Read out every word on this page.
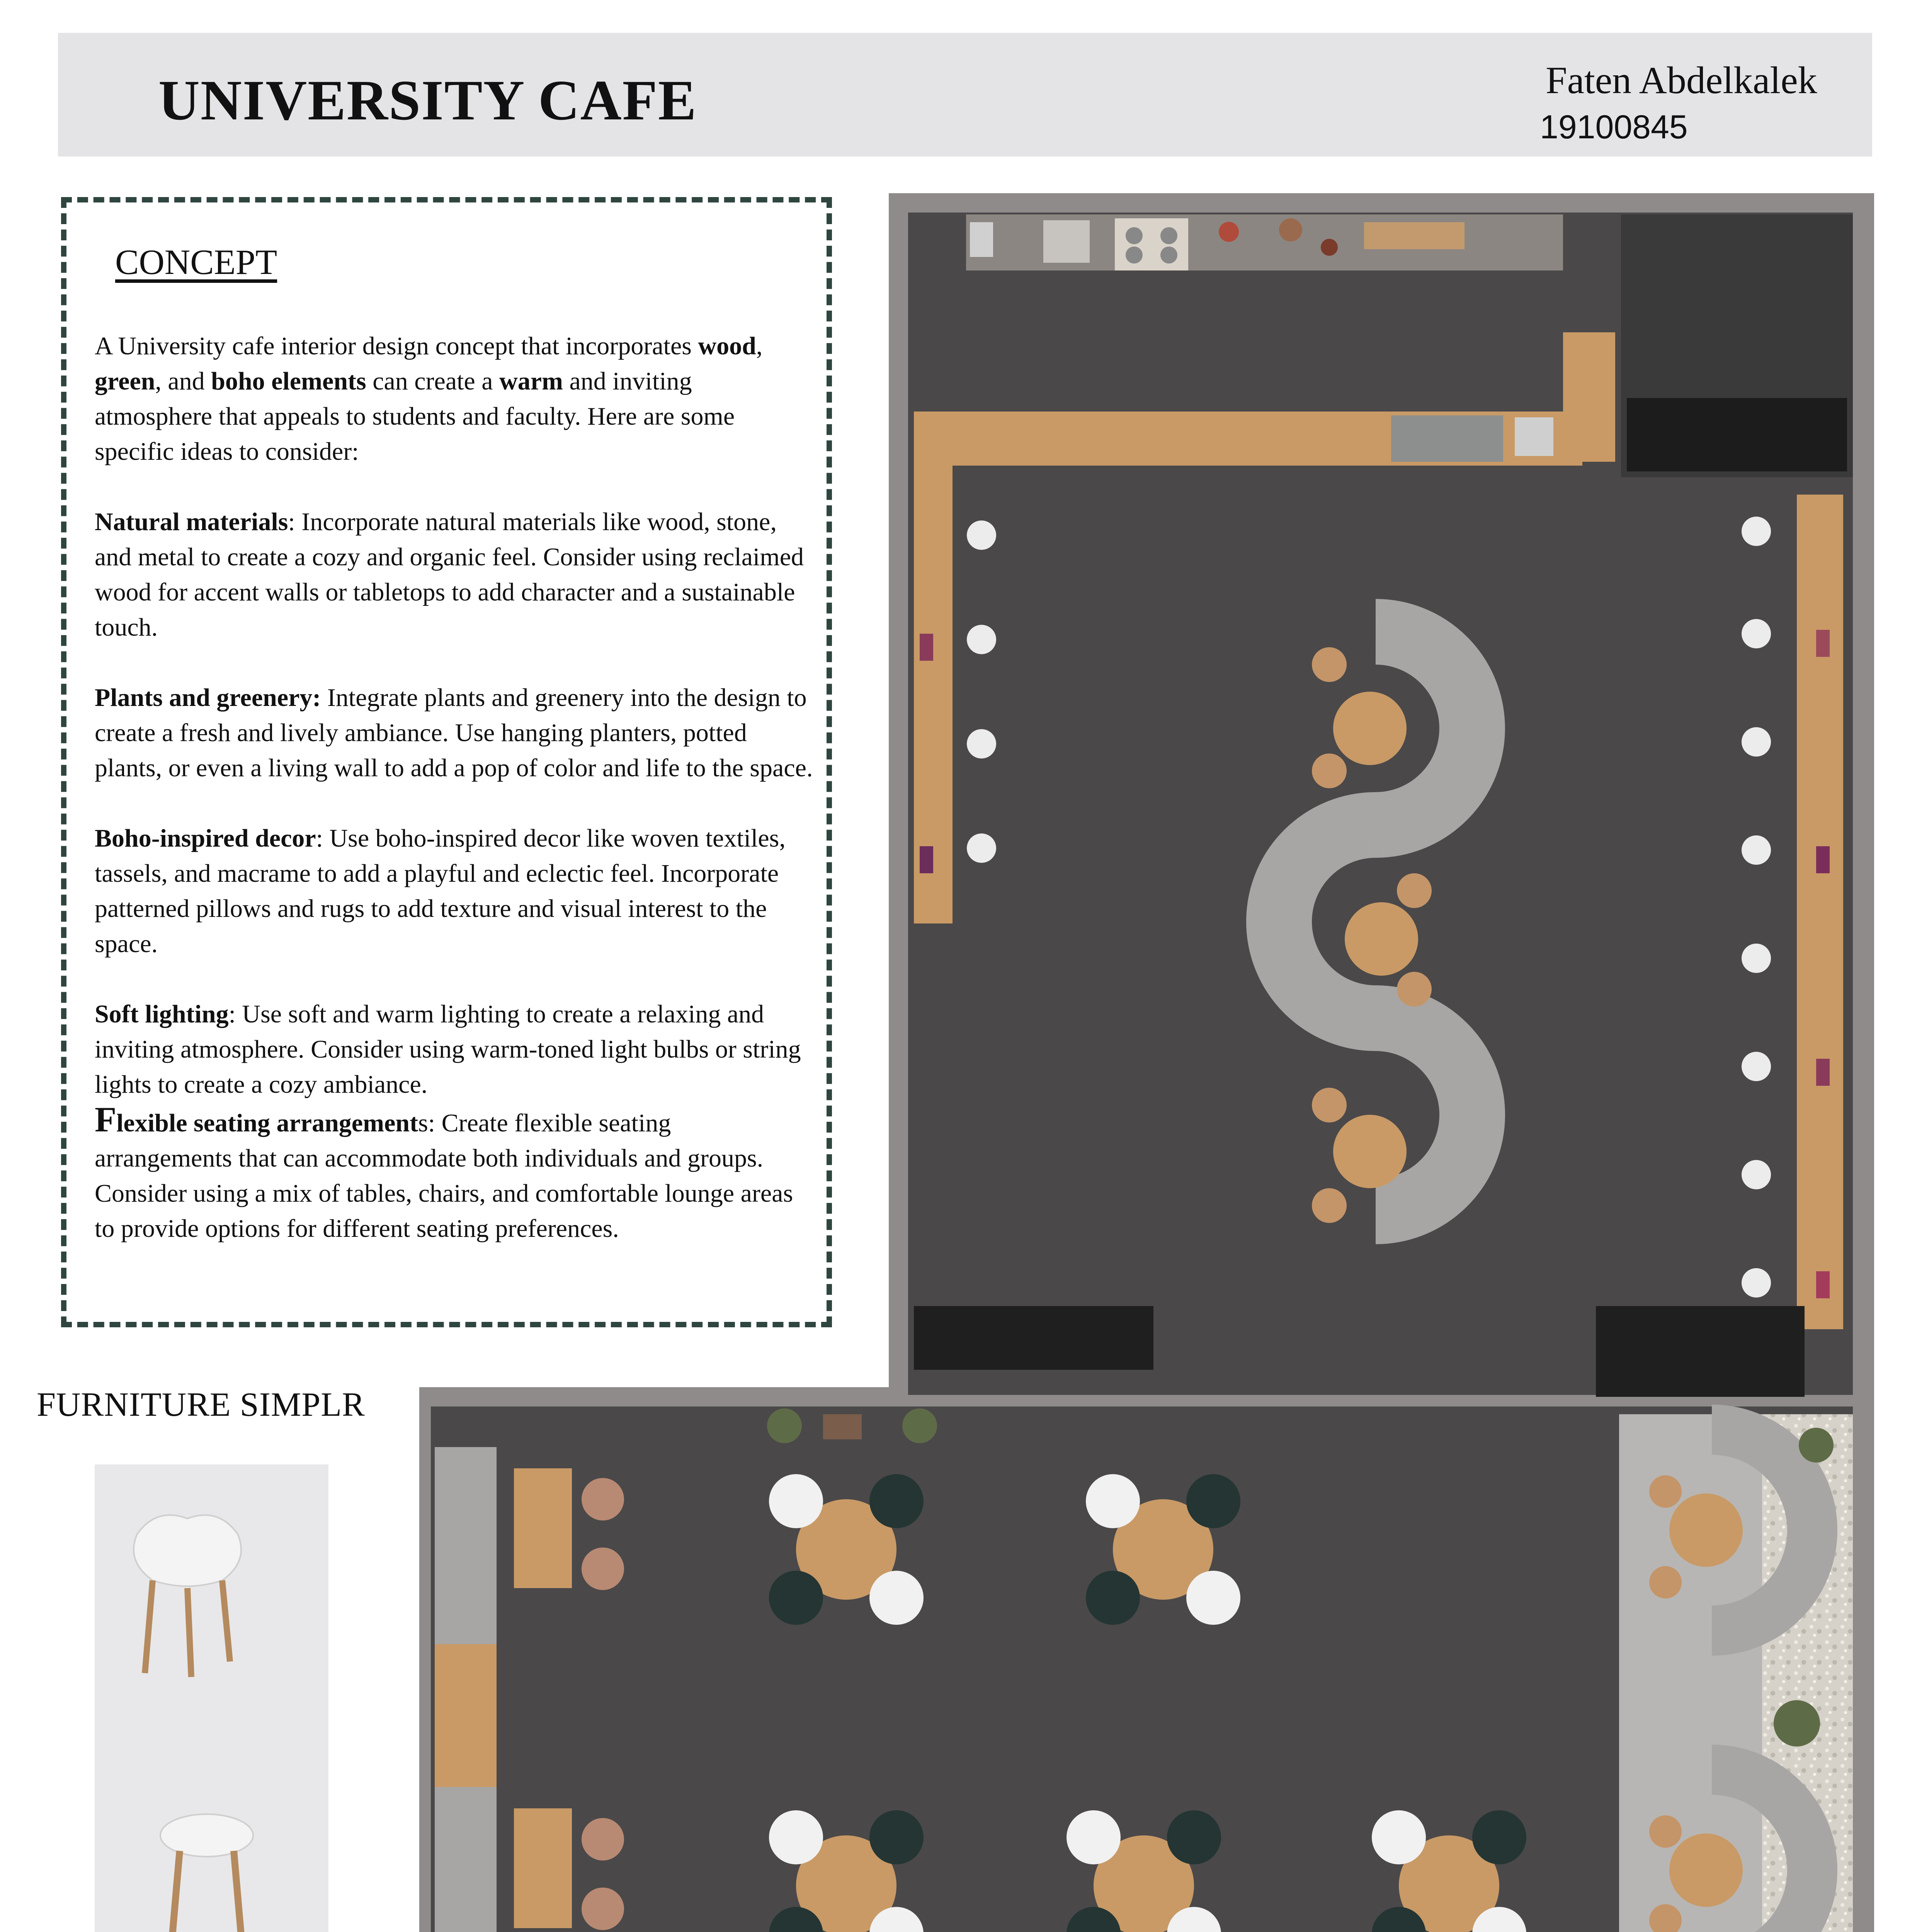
UNIVERSITY CAFE	Faten Abdelkalek
19100845
CONCEPT

A University cafe interior design concept that incorporates wood, green, and boho elements can create a warm and inviting atmosphere that appeals to students and faculty. Here are some specific ideas to consider:

Natural materials: Incorporate natural materials like wood, stone, and metal to create a cozy and organic feel. Consider using reclaimed wood for accent walls or tabletops to add character and a sustainable touch.

Plants and greenery: Integrate plants and greenery into the design to create a fresh and lively ambiance. Use hanging planters, potted plants, or even a living wall to add a pop of color and life to the space.

Boho-inspired decor: Use boho-inspired decor like woven textiles, tassels, and macrame to add a playful and eclectic feel. Incorporate patterned pillows and rugs to add texture and visual interest to the space.

Soft lighting: Use soft and warm lighting to create a relaxing and inviting atmosphere. Consider using warm-toned light bulbs or string lights to create a cozy ambiance.

Flexible seating arrangements: Create flexible seating arrangements that can accommodate both individuals and groups. Consider using a mix of tables, chairs, and comfortable lounge areas to provide options for different seating preferences.

FURNITURE SIMPLR
